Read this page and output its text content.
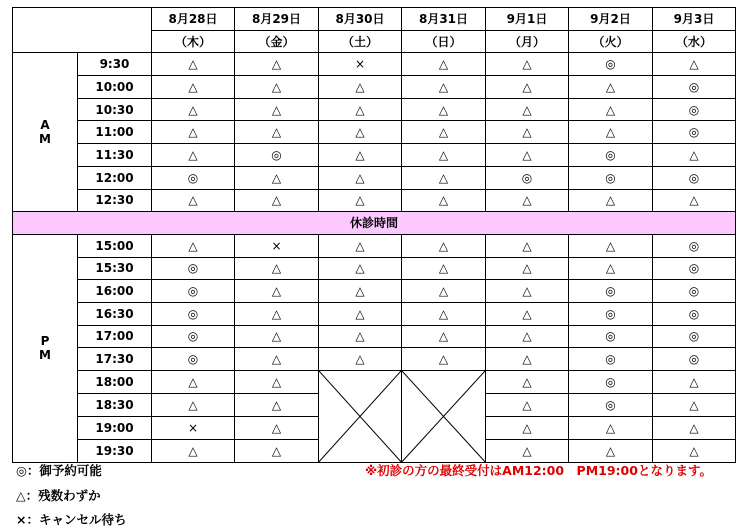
		8月28日	8月29日	8月30日	8月31日	9月1日	9月2日	9月3日
		（木）	（金）	（土）	（日）	（月）	（火）	（水）

A
M	9:30	△	△	×	△	△	◎	△
	10:00	△	△	△	△	△	△	◎
	10:30	△	△	△	△	△	△	◎
	11:00	△	△	△	△	△	△	◎
	11:30	△	◎	△	△	△	◎	△
	12:00	◎	△	△	△	◎	◎	◎
	12:30	△	△	△	△	△	△	△
休診時間								

P
M	15:00	△	×	△	△	△	△	◎
	15:30	◎	△	△	△	△	△	◎
	16:00	◎	△	△	△	△	◎	◎
	16:30	◎	△	△	△	△	◎	◎
	17:00	◎	△	△	△	△	◎	◎
	17:30	◎	△	△	△	△	◎	◎
	18:00	△	△			△	◎	△
	18:30	△	△			△	◎	△
	19:00	×	△			△	△	△
	19:30	△	△			△	△	△
◎：御予約可能
△：残数わずか
×：キャンセル待ち
※初診の方の最終受付はAM12:00　PM19:00となります。
